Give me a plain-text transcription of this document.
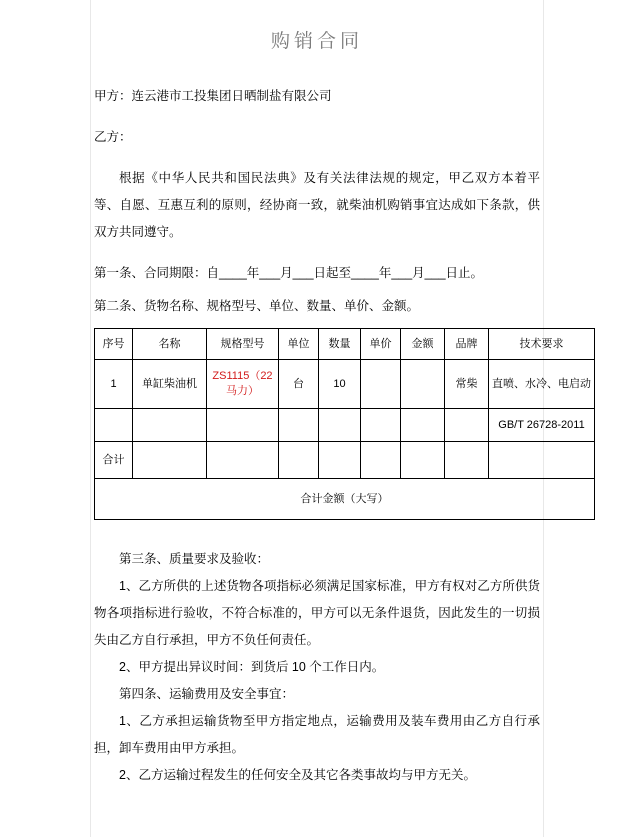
购销合同

甲方：连云港市工投集团日晒制盐有限公司

乙方：

根据《中华人民共和国民法典》及有关法律法规的规定，甲乙双方本着平等、自愿、互惠互利的原则，经协商一致，就柴油机购销事宜达成如下条款，供双方共同遵守。

第一条、合同期限：自____年___月___日起至____年___月___日止。

第二条、货物名称、规格型号、单位、数量、单价、金额。

序号	名称	规格型号	单位	数量	单价	金额	品牌	技术要求
1	单缸柴油机	ZS1115（22马力）	台	10			常柴	直喷、水冷、电启动
								GB/T 26728-2011
合计								
合计金额（大写）								

第三条、质量要求及验收：

1、乙方所供的上述货物各项指标必须满足国家标准，甲方有权对乙方所供货物各项指标进行验收，不符合标准的，甲方可以无条件退货，因此发生的一切损失由乙方自行承担，甲方不负任何责任。

2、甲方提出异议时间：到货后 10 个工作日内。

第四条、运输费用及安全事宜：

1、乙方承担运输货物至甲方指定地点，运输费用及装车费用由乙方自行承担，卸车费用由甲方承担。

2、乙方运输过程发生的任何安全及其它各类事故均与甲方无关。
